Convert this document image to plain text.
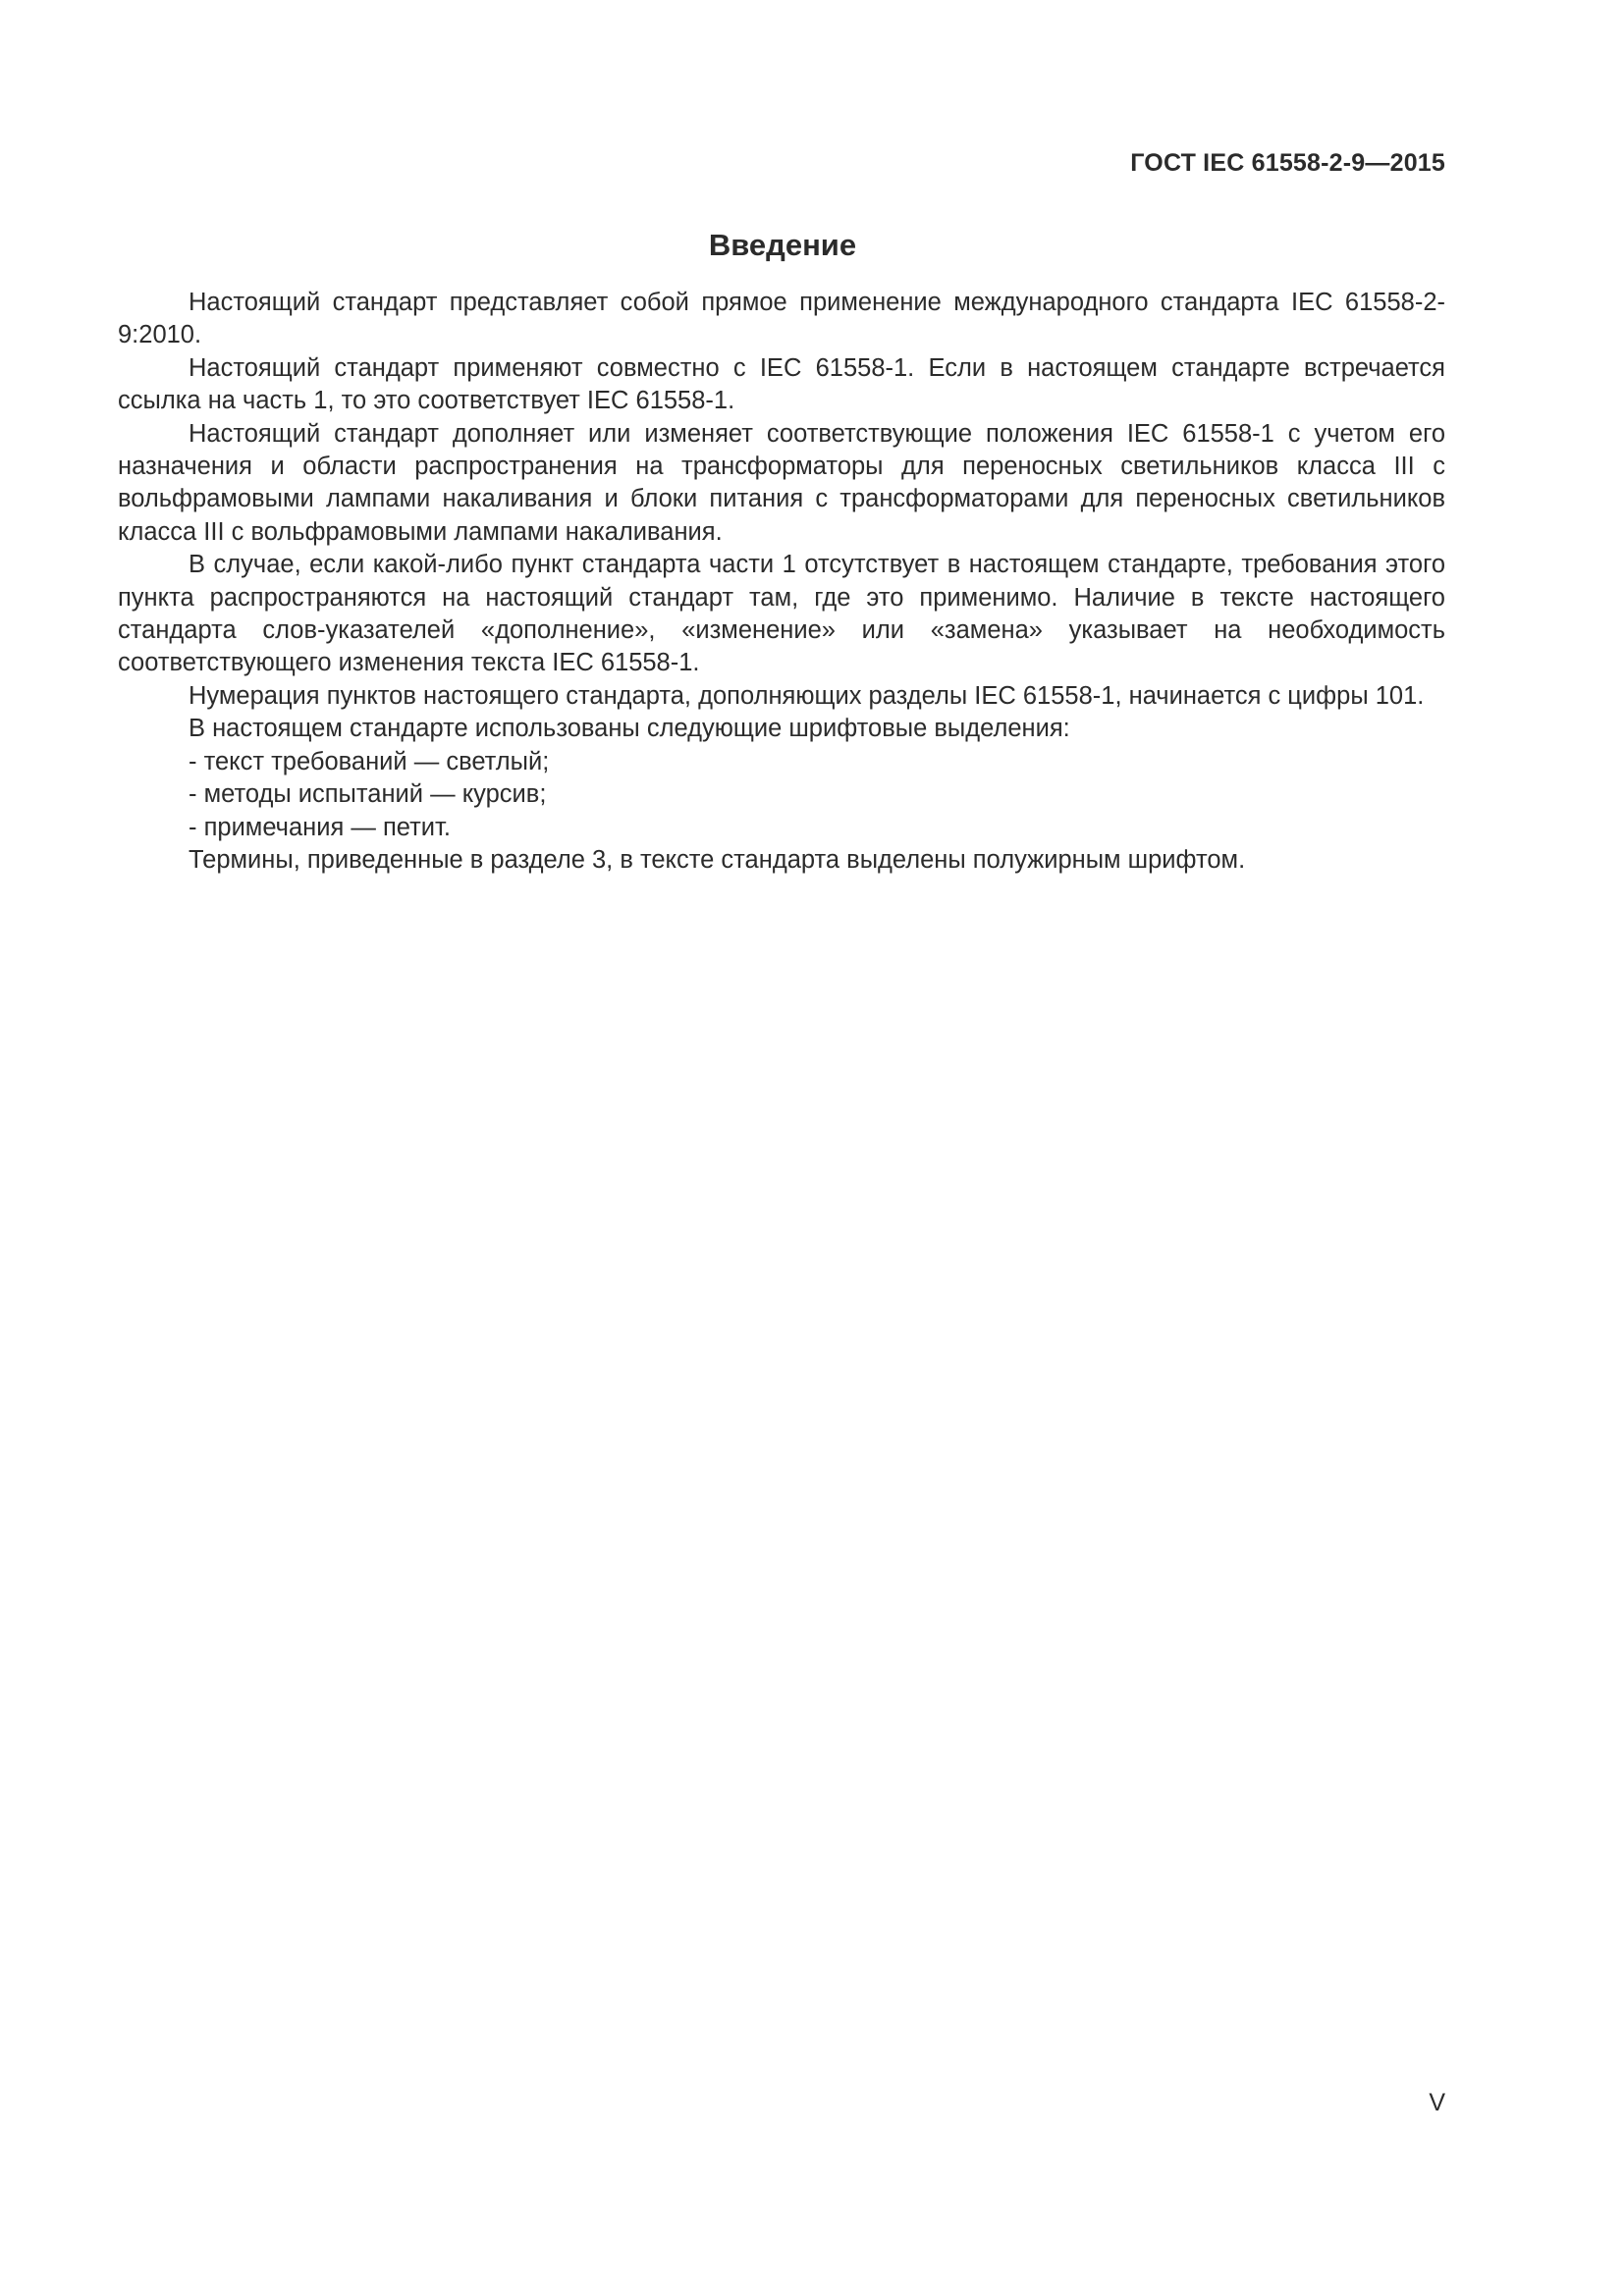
ГОСТ IEC 61558-2-9—2015
Введение

Настоящий стандарт представляет собой прямое применение международного стандарта IEC 61558-2-9:2010.

Настоящий стандарт применяют совместно с IEC 61558-1. Если в настоящем стандарте встречается ссылка на часть 1, то это соответствует IEC 61558-1.

Настоящий стандарт дополняет или изменяет соответствующие положения IEC 61558-1 с учетом его назначения и области распространения на трансформаторы для переносных светильников класса III с вольфрамовыми лампами накаливания и блоки питания с трансформаторами для переносных светильников класса III с вольфрамовыми лампами накаливания.

В случае, если какой-либо пункт стандарта части 1 отсутствует в настоящем стандарте, требования этого пункта распространяются на настоящий стандарт там, где это применимо. Наличие в тексте настоящего стандарта слов-указателей «дополнение», «изменение» или «замена» указывает на необходимость соответствующего изменения текста IEC 61558-1.

Нумерация пунктов настоящего стандарта, дополняющих разделы IEC 61558-1, начинается с цифры 101.

В настоящем стандарте использованы следующие шрифтовые выделения:

- текст требований — светлый;

- методы испытаний — курсив;

- примечания — петит.

Термины, приведенные в разделе 3, в тексте стандарта выделены полужирным шрифтом.

V
